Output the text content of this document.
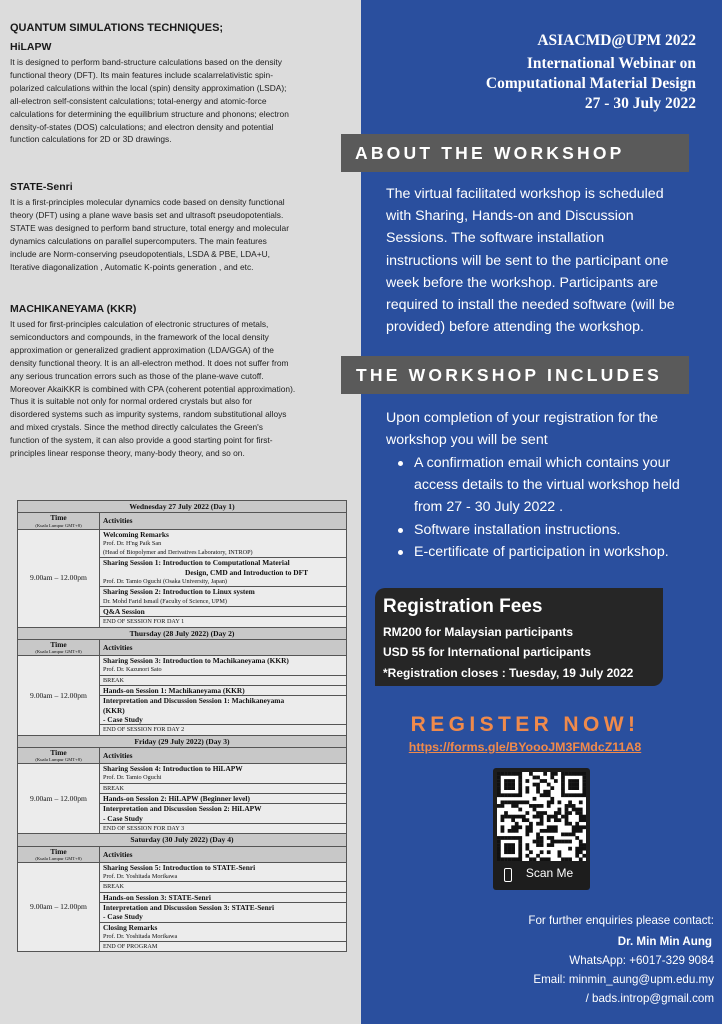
QUANTUM SIMULATIONS TECHNIQUES;
HiLAPW
It is designed to perform band-structure calculations based on the density
functional theory (DFT). Its main features include scalarrelativistic spin-
polarized calculations within the local (spin) density approximation (LSDA);
all-electron self-consistent calculations; total-energy and atomic-force
calculations for determining the equilibrium structure and phonons; electron
density-of-states (DOS) calculations; and electron density and potential
function calculations for 2D or 3D drawings.
STATE-Senri
It is a first-principles molecular dynamics code based on density functional
theory (DFT) using a plane wave basis set and ultrasoft pseudopotentials.
STATE was designed to perform band structure, total energy and molecular
dynamics calculations on parallel supercomputers. The main features
include are Norm-conserving pseudopotentials, LSDA & PBE, LDA+U,
Iterative diagonalization , Automatic K-points generation , and etc.
MACHIKANEYAMA (KKR)
It used for first-principles calculation of electronic structures of metals,
semiconductors and compounds, in the framework of the local density
approximation or generalized gradient approximation (LDA/GGA) of the
density functional theory. It is an all-electron method. It does not suffer from
any serious truncation errors such as those of the plane-wave cutoff.
Moreover AkaiKKR is combined with CPA (coherent potential approximation).
Thus it is suitable not only for normal ordered crystals but also for
disordered systems such as impurity systems, random substitutional alloys
and mixed crystals. Since the method directly calculates the Green's
function of the system, it can also provide a good starting point for first-
principles linear response theory, many-body theory, and so on.
Wednesday 27 July 2022 (Day 1)	
Time
(Kuala Lumpur GMT+8)	Activities
9.00am – 12.00pm	Welcoming Remarks
Prof. Dr. H'ng Paik San
(Head of Biopolymer and Derivatives Laboratory, INTROP)

	Sharing Session 1: Introduction to Computational Material
Design, CMD and Introduction to DFT
Prof. Dr. Tamio Oguchi (Osaka University, Japan)

	Sharing Session 2: Introduction to Linux system
Dr. Mohd Farid Ismail (Faculty of Science, UPM)

	Q&A Session

	END OF SESSION FOR DAY 1
Thursday (28 July 2022) (Day 2)	
Time
(Kuala Lumpur GMT+8)	Activities
9.00am – 12.00pm	Sharing Session 3: Introduction to Machikaneyama (KKR)
Prof. Dr. Kazunori Sato

	BREAK

	Hands-on Session 1: Machikaneyama (KKR)

	Interpretation and Discussion Session 1: Machikaneyama
(KKR)
- Case Study

	END OF SESSION FOR DAY 2
Friday (29 July 2022) (Day 3)	
Time
(Kuala Lumpur GMT+8)	Activities
9.00am – 12.00pm	Sharing Session 4: Introduction to HiLAPW
Prof. Dr. Tamio Oguchi

	BREAK

	Hands-on Session 2: HiLAPW (Beginner level)

	Interpretation and Discussion Session 2: HiLAPW
- Case Study

	END OF SESSION FOR DAY 3
Saturday (30 July 2022) (Day 4)	
Time
(Kuala Lumpur GMT+8)	Activities
9.00am – 12.00pm	Sharing Session 5: Introduction to STATE-Senri
Prof. Dr. Yoshitada Morikawa

	BREAK

	Hands-on Session 3: STATE-Senri

	Interpretation and Discussion Session 3: STATE-Senri
- Case Study

	Closing Remarks
Prof. Dr. Yoshitada Morikawa

	END OF PROGRAM
ASIACMD@UPM 2022
International Webinar on
Computational Material Design
27 - 30 July 2022
ABOUT THE WORKSHOP
The virtual facilitated workshop is scheduled
with Sharing, Hands-on and Discussion
Sessions. The software installation
instructions will be sent to the participant one
week before the workshop. Participants are
required to install the needed software (will be
provided) before attending the workshop.
THE WORKSHOP INCLUDES
Upon completion of your registration for the
workshop you will be sent
A confirmation email which contains your
access details to the virtual workshop held
from 27 - 30 July 2022 .
Software installation instructions.
E-certificate of participation in workshop.
Registration Fees
RM200 for Malaysian participants
USD 55 for International participants
*Registration closes : Tuesday, 19 July 2022
REGISTER NOW!
https://forms.gle/BYoooJM3FMdcZ11A8
Scan Me
For further enquiries please contact:
Dr. Min Min Aung
WhatsApp: +6017-329 9084
Email: minmin_aung@upm.edu.my
/ bads.introp@gmail.com
